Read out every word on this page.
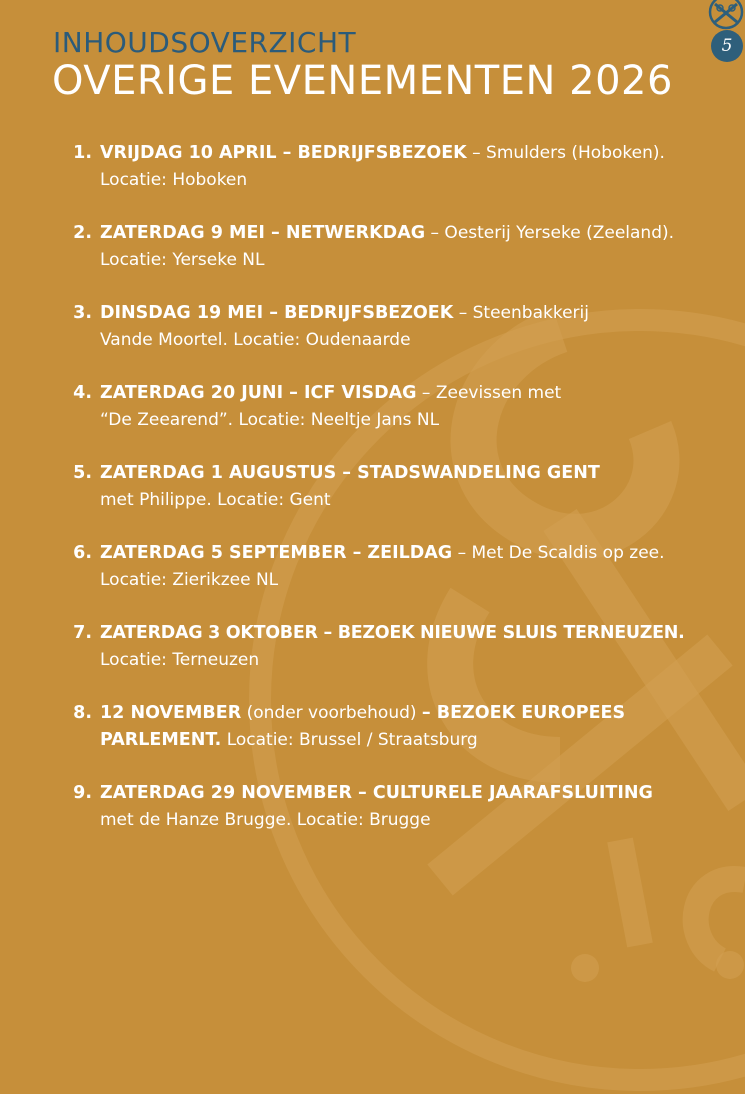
5
INHOUDSOVERZICHT
OVERIGE EVENEMENTEN 2026
1. VRIJDAG 10 APRIL – BEDRIJFSBEZOEK – Smulders (Hoboken).
Locatie: Hoboken
2. ZATERDAG 9 MEI – NETWERKDAG – Oesterij Yerseke (Zeeland).
Locatie: Yerseke NL
3. DINSDAG 19 MEI – BEDRIJFSBEZOEK – Steenbakkerij
Vande Moortel. Locatie: Oudenaarde
4. ZATERDAG 20 JUNI – ICF VISDAG – Zeevissen met
“De Zeearend”. Locatie: Neeltje Jans NL
5. ZATERDAG 1 AUGUSTUS – STADSWANDELING GENT
met Philippe. Locatie: Gent
6. ZATERDAG 5 SEPTEMBER – ZEILDAG – Met De Scaldis op zee.
Locatie: Zierikzee NL
7. ZATERDAG 3 OKTOBER – BEZOEK NIEUWE SLUIS TERNEUZEN.
Locatie: Terneuzen
8. 12 NOVEMBER (onder voorbehoud) – BEZOEK EUROPEES
PARLEMENT. Locatie: Brussel / Straatsburg
9. ZATERDAG 29 NOVEMBER – CULTURELE JAARAFSLUITING
met de Hanze Brugge. Locatie: Brugge
